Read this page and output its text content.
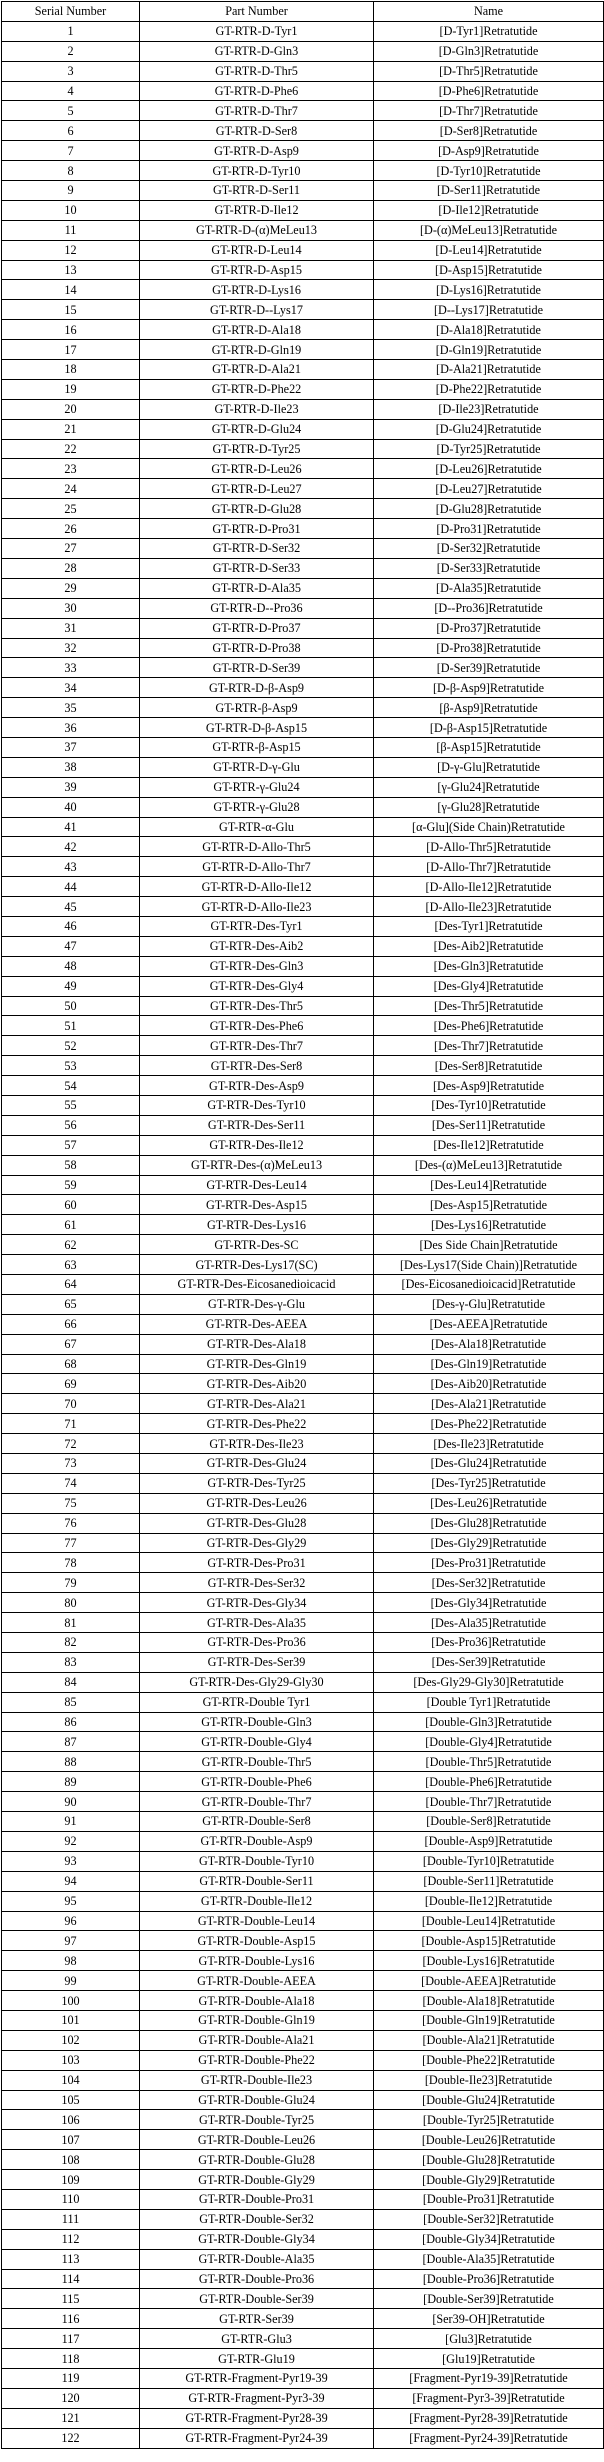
Serial Number	Part Number	Name
1	GT-RTR-D-Tyr1	[D-Tyr1]Retratutide
2	GT-RTR-D-Gln3	[D-Gln3]Retratutide
3	GT-RTR-D-Thr5	[D-Thr5]Retratutide
4	GT-RTR-D-Phe6	[D-Phe6]Retratutide
5	GT-RTR-D-Thr7	[D-Thr7]Retratutide
6	GT-RTR-D-Ser8	[D-Ser8]Retratutide
7	GT-RTR-D-Asp9	[D-Asp9]Retratutide
8	GT-RTR-D-Tyr10	[D-Tyr10]Retratutide
9	GT-RTR-D-Ser11	[D-Ser11]Retratutide
10	GT-RTR-D-Ile12	[D-Ile12]Retratutide
11	GT-RTR-D-(α)MeLeu13	[D-(α)MeLeu13]Retratutide
12	GT-RTR-D-Leu14	[D-Leu14]Retratutide
13	GT-RTR-D-Asp15	[D-Asp15]Retratutide
14	GT-RTR-D-Lys16	[D-Lys16]Retratutide
15	GT-RTR-D--Lys17	[D--Lys17]Retratutide
16	GT-RTR-D-Ala18	[D-Ala18]Retratutide
17	GT-RTR-D-Gln19	[D-Gln19]Retratutide
18	GT-RTR-D-Ala21	[D-Ala21]Retratutide
19	GT-RTR-D-Phe22	[D-Phe22]Retratutide
20	GT-RTR-D-Ile23	[D-Ile23]Retratutide
21	GT-RTR-D-Glu24	[D-Glu24]Retratutide
22	GT-RTR-D-Tyr25	[D-Tyr25]Retratutide
23	GT-RTR-D-Leu26	[D-Leu26]Retratutide
24	GT-RTR-D-Leu27	[D-Leu27]Retratutide
25	GT-RTR-D-Glu28	[D-Glu28]Retratutide
26	GT-RTR-D-Pro31	[D-Pro31]Retratutide
27	GT-RTR-D-Ser32	[D-Ser32]Retratutide
28	GT-RTR-D-Ser33	[D-Ser33]Retratutide
29	GT-RTR-D-Ala35	[D-Ala35]Retratutide
30	GT-RTR-D--Pro36	[D--Pro36]Retratutide
31	GT-RTR-D-Pro37	[D-Pro37]Retratutide
32	GT-RTR-D-Pro38	[D-Pro38]Retratutide
33	GT-RTR-D-Ser39	[D-Ser39]Retratutide
34	GT-RTR-D-β-Asp9	[D-β-Asp9]Retratutide
35	GT-RTR-β-Asp9	[β-Asp9]Retratutide
36	GT-RTR-D-β-Asp15	[D-β-Asp15]Retratutide
37	GT-RTR-β-Asp15	[β-Asp15]Retratutide
38	GT-RTR-D-γ-Glu	[D-γ-Glu]Retratutide
39	GT-RTR-γ-Glu24	[γ-Glu24]Retratutide
40	GT-RTR-γ-Glu28	[γ-Glu28]Retratutide
41	GT-RTR-α-Glu	[α-Glu](Side Chain)Retratutide
42	GT-RTR-D-Allo-Thr5	[D-Allo-Thr5]Retratutide
43	GT-RTR-D-Allo-Thr7	[D-Allo-Thr7]Retratutide
44	GT-RTR-D-Allo-Ile12	[D-Allo-Ile12]Retratutide
45	GT-RTR-D-Allo-Ile23	[D-Allo-Ile23]Retratutide
46	GT-RTR-Des-Tyr1	[Des-Tyr1]Retratutide
47	GT-RTR-Des-Aib2	[Des-Aib2]Retratutide
48	GT-RTR-Des-Gln3	[Des-Gln3]Retratutide
49	GT-RTR-Des-Gly4	[Des-Gly4]Retratutide
50	GT-RTR-Des-Thr5	[Des-Thr5]Retratutide
51	GT-RTR-Des-Phe6	[Des-Phe6]Retratutide
52	GT-RTR-Des-Thr7	[Des-Thr7]Retratutide
53	GT-RTR-Des-Ser8	[Des-Ser8]Retratutide
54	GT-RTR-Des-Asp9	[Des-Asp9]Retratutide
55	GT-RTR-Des-Tyr10	[Des-Tyr10]Retratutide
56	GT-RTR-Des-Ser11	[Des-Ser11]Retratutide
57	GT-RTR-Des-Ile12	[Des-Ile12]Retratutide
58	GT-RTR-Des-(α)MeLeu13	[Des-(α)MeLeu13]Retratutide
59	GT-RTR-Des-Leu14	[Des-Leu14]Retratutide
60	GT-RTR-Des-Asp15	[Des-Asp15]Retratutide
61	GT-RTR-Des-Lys16	[Des-Lys16]Retratutide
62	GT-RTR-Des-SC	[Des Side Chain]Retratutide
63	GT-RTR-Des-Lys17(SC)	[Des-Lys17(Side Chain)]Retratutide
64	GT-RTR-Des-Eicosanedioicacid	[Des-Eicosanedioicacid]Retratutide
65	GT-RTR-Des-γ-Glu	[Des-γ-Glu]Retratutide
66	GT-RTR-Des-AEEA	[Des-AEEA]Retratutide
67	GT-RTR-Des-Ala18	[Des-Ala18]Retratutide
68	GT-RTR-Des-Gln19	[Des-Gln19]Retratutide
69	GT-RTR-Des-Aib20	[Des-Aib20]Retratutide
70	GT-RTR-Des-Ala21	[Des-Ala21]Retratutide
71	GT-RTR-Des-Phe22	[Des-Phe22]Retratutide
72	GT-RTR-Des-Ile23	[Des-Ile23]Retratutide
73	GT-RTR-Des-Glu24	[Des-Glu24]Retratutide
74	GT-RTR-Des-Tyr25	[Des-Tyr25]Retratutide
75	GT-RTR-Des-Leu26	[Des-Leu26]Retratutide
76	GT-RTR-Des-Glu28	[Des-Glu28]Retratutide
77	GT-RTR-Des-Gly29	[Des-Gly29]Retratutide
78	GT-RTR-Des-Pro31	[Des-Pro31]Retratutide
79	GT-RTR-Des-Ser32	[Des-Ser32]Retratutide
80	GT-RTR-Des-Gly34	[Des-Gly34]Retratutide
81	GT-RTR-Des-Ala35	[Des-Ala35]Retratutide
82	GT-RTR-Des-Pro36	[Des-Pro36]Retratutide
83	GT-RTR-Des-Ser39	[Des-Ser39]Retratutide
84	GT-RTR-Des-Gly29-Gly30	[Des-Gly29-Gly30]Retratutide
85	GT-RTR-Double Tyr1	[Double Tyr1]Retratutide
86	GT-RTR-Double-Gln3	[Double-Gln3]Retratutide
87	GT-RTR-Double-Gly4	[Double-Gly4]Retratutide
88	GT-RTR-Double-Thr5	[Double-Thr5]Retratutide
89	GT-RTR-Double-Phe6	[Double-Phe6]Retratutide
90	GT-RTR-Double-Thr7	[Double-Thr7]Retratutide
91	GT-RTR-Double-Ser8	[Double-Ser8]Retratutide
92	GT-RTR-Double-Asp9	[Double-Asp9]Retratutide
93	GT-RTR-Double-Tyr10	[Double-Tyr10]Retratutide
94	GT-RTR-Double-Ser11	[Double-Ser11]Retratutide
95	GT-RTR-Double-Ile12	[Double-Ile12]Retratutide
96	GT-RTR-Double-Leu14	[Double-Leu14]Retratutide
97	GT-RTR-Double-Asp15	[Double-Asp15]Retratutide
98	GT-RTR-Double-Lys16	[Double-Lys16]Retratutide
99	GT-RTR-Double-AEEA	[Double-AEEA]Retratutide
100	GT-RTR-Double-Ala18	[Double-Ala18]Retratutide
101	GT-RTR-Double-Gln19	[Double-Gln19]Retratutide
102	GT-RTR-Double-Ala21	[Double-Ala21]Retratutide
103	GT-RTR-Double-Phe22	[Double-Phe22]Retratutide
104	GT-RTR-Double-Ile23	[Double-Ile23]Retratutide
105	GT-RTR-Double-Glu24	[Double-Glu24]Retratutide
106	GT-RTR-Double-Tyr25	[Double-Tyr25]Retratutide
107	GT-RTR-Double-Leu26	[Double-Leu26]Retratutide
108	GT-RTR-Double-Glu28	[Double-Glu28]Retratutide
109	GT-RTR-Double-Gly29	[Double-Gly29]Retratutide
110	GT-RTR-Double-Pro31	[Double-Pro31]Retratutide
111	GT-RTR-Double-Ser32	[Double-Ser32]Retratutide
112	GT-RTR-Double-Gly34	[Double-Gly34]Retratutide
113	GT-RTR-Double-Ala35	[Double-Ala35]Retratutide
114	GT-RTR-Double-Pro36	[Double-Pro36]Retratutide
115	GT-RTR-Double-Ser39	[Double-Ser39]Retratutide
116	GT-RTR-Ser39	[Ser39-OH]Retratutide
117	GT-RTR-Glu3	[Glu3]Retratutide
118	GT-RTR-Glu19	[Glu19]Retratutide
119	GT-RTR-Fragment-Pyr19-39	[Fragment-Pyr19-39]Retratutide
120	GT-RTR-Fragment-Pyr3-39	[Fragment-Pyr3-39]Retratutide
121	GT-RTR-Fragment-Pyr28-39	[Fragment-Pyr28-39]Retratutide
122	GT-RTR-Fragment-Pyr24-39	[Fragment-Pyr24-39]Retratutide
